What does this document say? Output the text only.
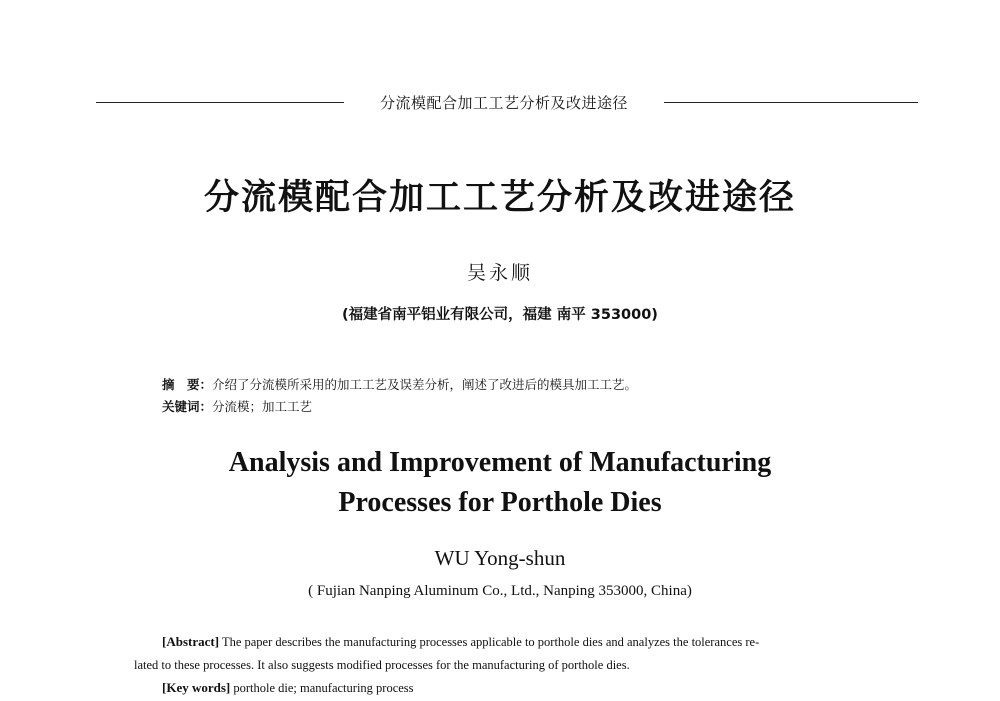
分流模配合加工工艺分析及改进途径
分流模配合加工工艺分析及改进途径
吴永顺
(福建省南平铝业有限公司，福建 南平 353000)
摘　要：介绍了分流模所采用的加工工艺及误差分析，阐述了改进后的模具加工工艺。
关键词：分流模；加工工艺
Analysis and Improvement of Manufacturing
Processes for Porthole Dies
WU Yong-shun
( Fujian Nanping Aluminum Co., Ltd., Nanping 353000, China)
[Abstract] The paper describes the manufacturing processes applicable to porthole dies and analyzes the tolerances re-
lated to these processes. It also suggests modified processes for the manufacturing of porthole dies.
[Key words] porthole die; manufacturing process
